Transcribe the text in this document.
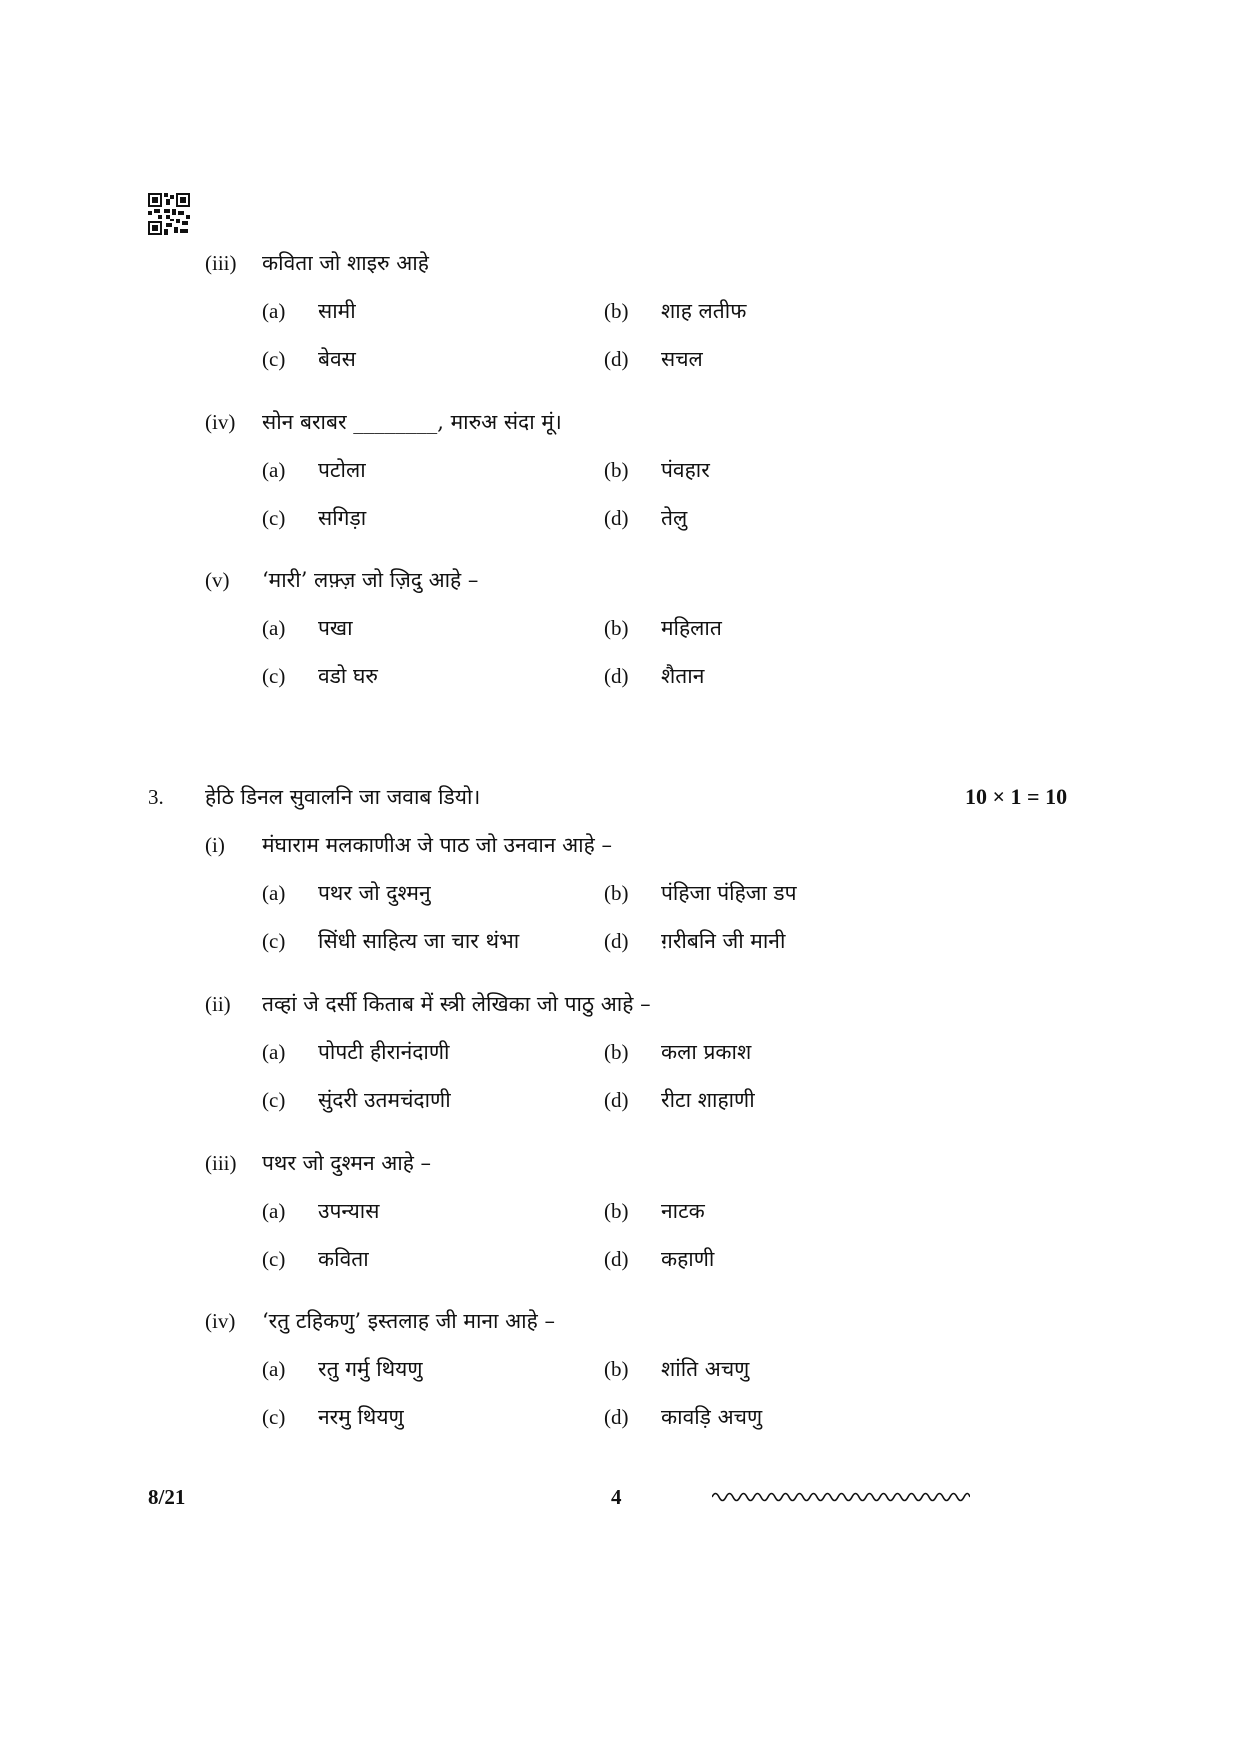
(iii) कविता जो शाइरु आहे
(a) सामी	(b) शाह लतीफ
(c) बेवस	(d) सचल
(iv) सोन बराबर ________, मारुअ संदा मूं।
(a) पटोला	(b) पंवहार
(c) सगिड़ा	(d) तेलु
(v) ‘मारी’ लफ़्ज़ जो ज़िदु आहे –
(a) पखा	(b) महिलात
(c) वडो घरु	(d) शैतान
3. हेठि डिनल सुवालनि जा जवाब डियो।	10 × 1 = 10
(i) मंघाराम मलकाणीअ जे पाठ जो उनवान आहे –
(a) पथर जो दुश्मनु	(b) पंहिजा पंहिजा डप
(c) सिंधी साहित्य जा चार थंभा	(d) ग़रीबनि जी मानी
(ii) तव्हां जे दर्सी किताब में स्त्री लेखिका जो पाठु आहे –
(a) पोपटी हीरानंदाणी	(b) कला प्रकाश
(c) सुंदरी उतमचंदाणी	(d) रीटा शाहाणी
(iii) पथर जो दुश्मन आहे –
(a) उपन्यास	(b) नाटक
(c) कविता	(d) कहाणी
(iv) ‘रतु टहिकणु’ इस्तलाह जी माना आहे –
(a) रतु गर्मु थियणु	(b) शांति अचणु
(c) नरमु थियणु	(d) कावड़ि अचणु
8/21	4
